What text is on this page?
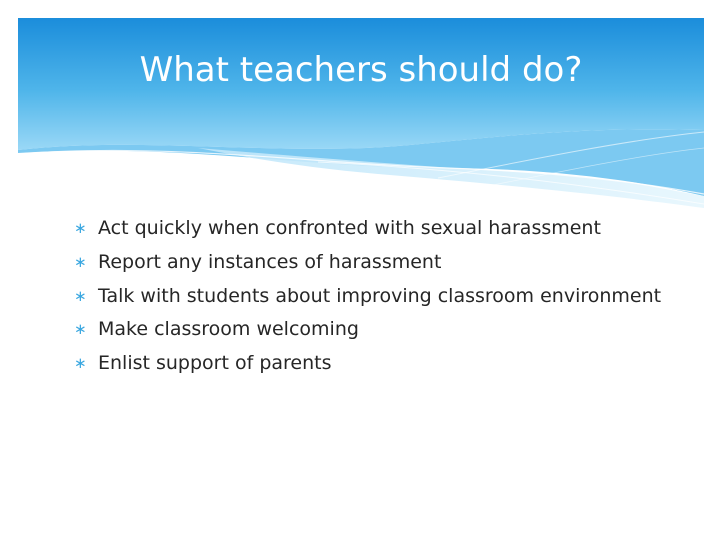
What teachers should do?
∗ Act quickly when confronted with sexual harassment
∗ Report any instances of harassment
∗ Talk with students about improving classroom environment
∗ Make classroom welcoming
∗ Enlist support of parents
